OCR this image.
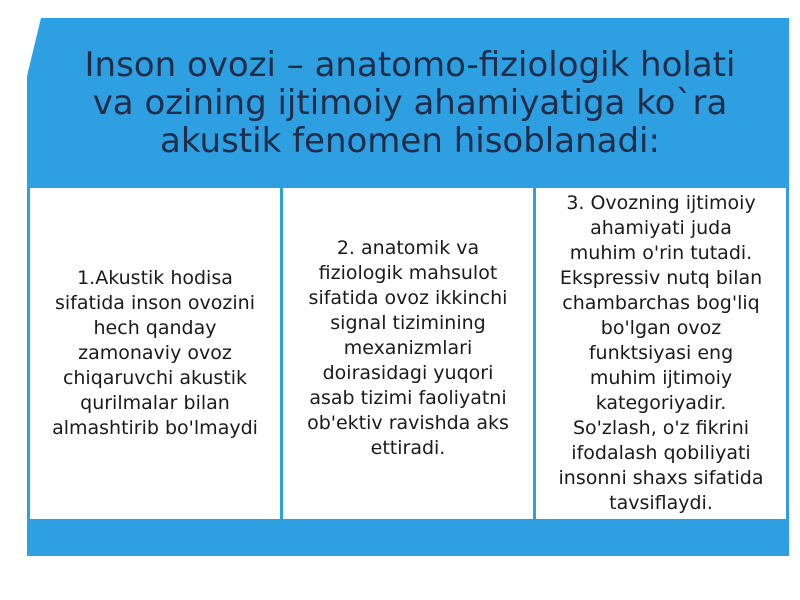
Inson ovozi – anatomo-fiziologik holati
va ozining ijtimoiy ahamiyatiga ko`ra
akustik fenomen hisoblanadi:
1.Akustik hodisa
sifatida inson ovozini
hech qanday
zamonaviy ovoz
chiqaruvchi akustik
qurilmalar bilan
almashtirib bo'lmaydi
2. anatomik va
fiziologik mahsulot
sifatida ovoz ikkinchi
signal tizimining
mexanizmlari
doirasidagi yuqori
asab tizimi faoliyatni
ob'ektiv ravishda aks
ettiradi.
3. Ovozning ijtimoiy
ahamiyati juda
muhim o'rin tutadi.
Ekspressiv nutq bilan
chambarchas bog'liq
bo'lgan ovoz
funktsiyasi eng
muhim ijtimoiy
kategoriyadir.
So'zlash, o'z fikrini
ifodalash qobiliyati
insonni shaxs sifatida
tavsiflaydi.
